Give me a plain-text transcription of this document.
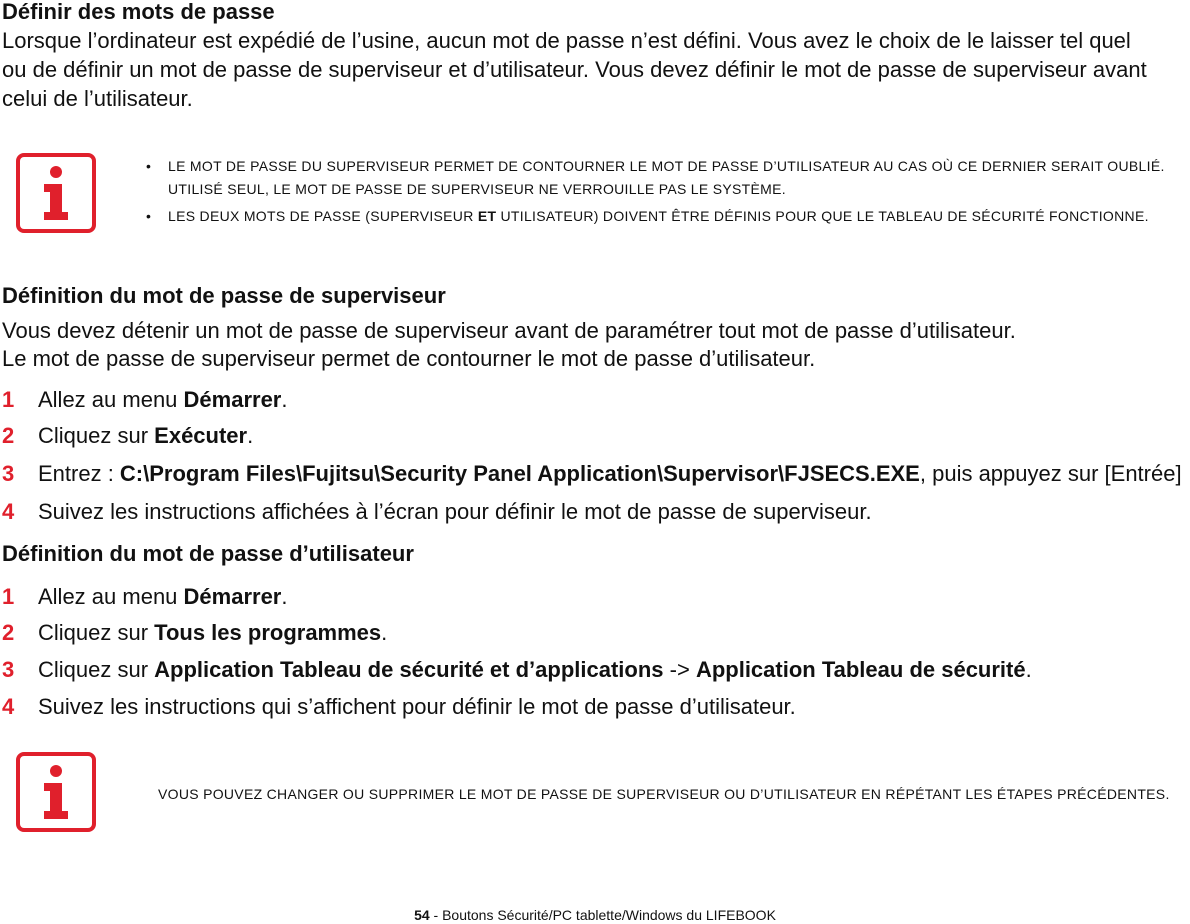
Définir des mots de passe
Lorsque l’ordinateur est expédié de l’usine, aucun mot de passe n’est défini. Vous avez le choix de le laisser tel quel
ou de définir un mot de passe de superviseur et d’utilisateur. Vous devez définir le mot de passe de superviseur avant
celui de l’utilisateur.
• LE MOT DE PASSE DU SUPERVISEUR PERMET DE CONTOURNER LE MOT DE PASSE D’UTILISATEUR AU CAS OÙ CE DERNIER SERAIT OUBLIÉ.
UTILISÉ SEUL, LE MOT DE PASSE DE SUPERVISEUR NE VERROUILLE PAS LE SYSTÈME.
• LES DEUX MOTS DE PASSE (SUPERVISEUR ET UTILISATEUR) DOIVENT ÊTRE DÉFINIS POUR QUE LE TABLEAU DE SÉCURITÉ FONCTIONNE.
Définition du mot de passe de superviseur
Vous devez détenir un mot de passe de superviseur avant de paramétrer tout mot de passe d’utilisateur.
Le mot de passe de superviseur permet de contourner le mot de passe d’utilisateur.
1 Allez au menu Démarrer.
2 Cliquez sur Exécuter.
3 Entrez : C:\Program Files\Fujitsu\Security Panel Application\Supervisor\FJSECS.EXE, puis appuyez sur [Entrée]
4 Suivez les instructions affichées à l’écran pour définir le mot de passe de superviseur.
Définition du mot de passe d’utilisateur
1 Allez au menu Démarrer.
2 Cliquez sur Tous les programmes.
3 Cliquez sur Application Tableau de sécurité et d’applications -> Application Tableau de sécurité.
4 Suivez les instructions qui s’affichent pour définir le mot de passe d’utilisateur.
VOUS POUVEZ CHANGER OU SUPPRIMER LE MOT DE PASSE DE SUPERVISEUR OU D’UTILISATEUR EN RÉPÉTANT LES ÉTAPES PRÉCÉDENTES.
54 - Boutons Sécurité/PC tablette/Windows du LIFEBOOK
